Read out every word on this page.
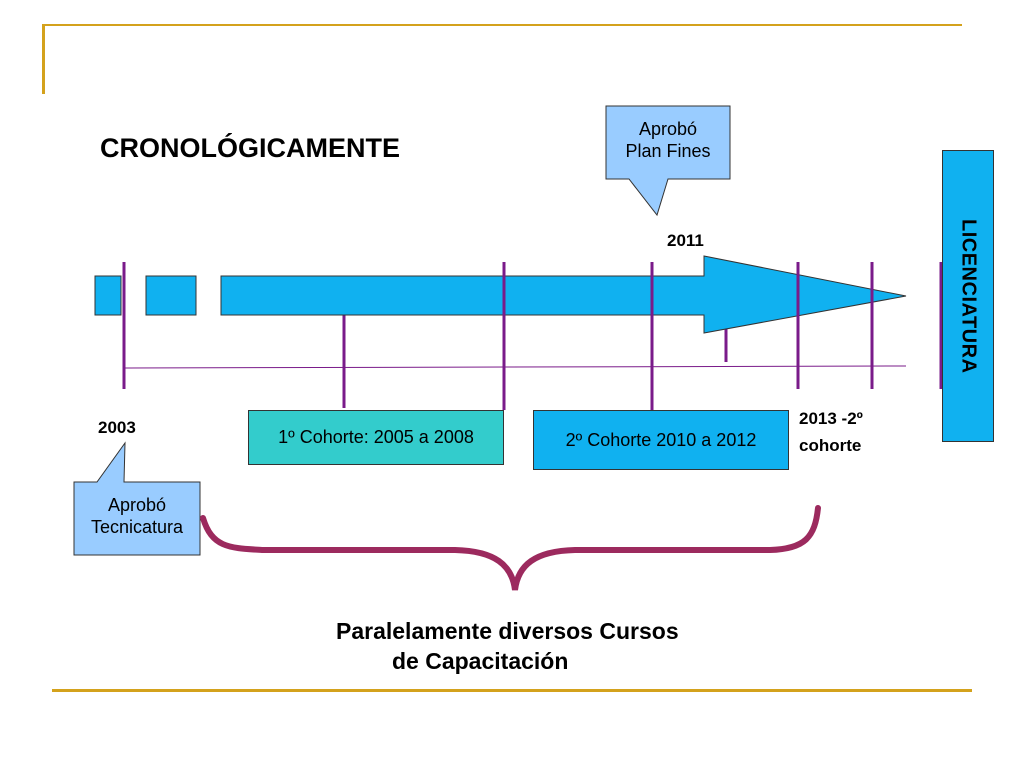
CRONOLÓGICAMENTE
2003
2011
2013 -2º
cohorte
Aprobó
Plan Fines
Aprobó
Tecnicatura
1º Cohorte: 2005 a 2008	2º Cohorte 2010 a 2012
LICENCIATURA
Paralelamente diversos Cursos
de Capacitación
